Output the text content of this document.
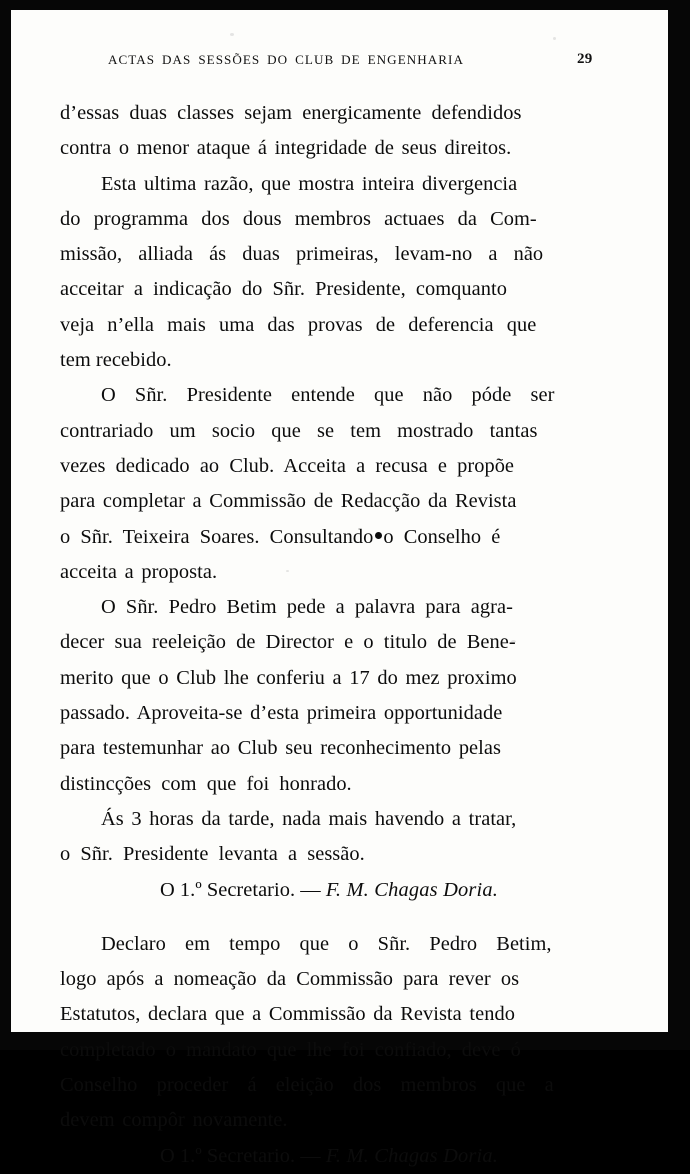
ACTAS DAS SESSÕES DO CLUB DE ENGENHARIA	29
d’essas duas classes sejam energicamente defendidos
contra o menor ataque á integridade de seus direitos.
Esta ultima razão, que mostra inteira divergencia
do programma dos dous membros actuaes da Com-
missão, alliada ás duas primeiras, levam-no a não
acceitar a indicação do Sñr. Presidente, comquanto
veja n’ella mais uma das provas de deferencia que
tem recebido.
O Sñr. Presidente entende que não póde ser
contrariado um socio que se tem mostrado tantas
vezes dedicado ao Club. Acceita a recusa e propõe
para completar a Commissão de Redacção da Revista
o Sñr. Teixeira Soares. Consultando o Conselho é
acceita a proposta.
O Sñr. Pedro Betim pede a palavra para agra-
decer sua reeleição de Director e o titulo de Bene-
merito que o Club lhe conferiu a 17 do mez proximo
passado. Aproveita-se d’esta primeira opportunidade
para testemunhar ao Club seu reconhecimento pelas
distincções com que foi honrado.
Ás 3 horas da tarde, nada mais havendo a tratar,
o Sñr. Presidente levanta a sessão.
O 1.º Secretario. — F. M. Chagas Doria.
Declaro em tempo que o Sñr. Pedro Betim,
logo após a nomeação da Commissão para rever os
Estatutos, declara que a Commissão da Revista tendo
completado o mandato que lhe foi confiado, deve ó
Conselho proceder á eleição dos membros que a
devem compôr novamente.
O 1.º Secretario. — F. M. Chagas Doria.
